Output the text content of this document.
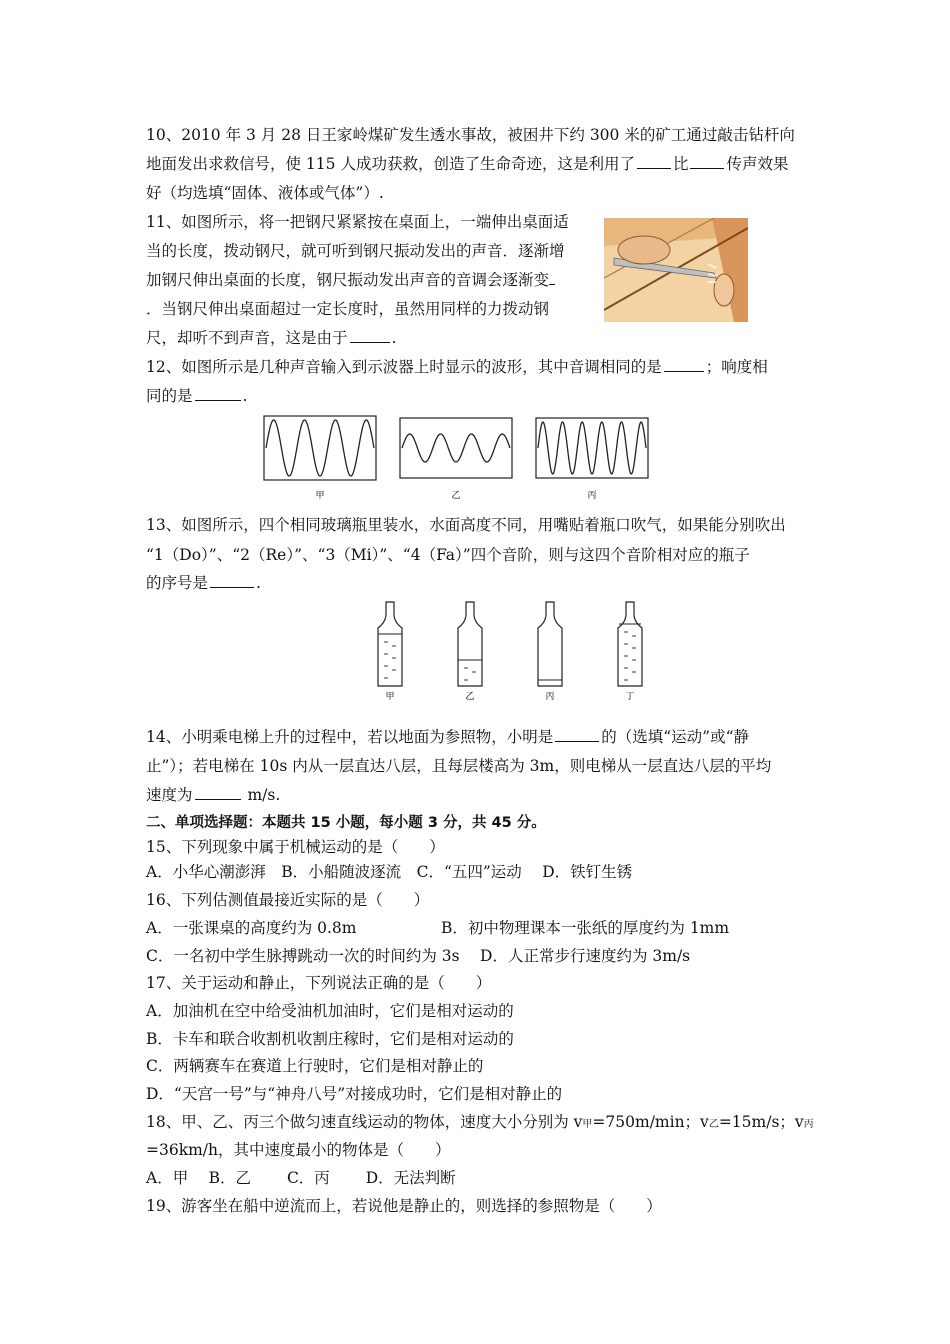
10、2010 年 3 月 28 日王家岭煤矿发生透水事故，被困井下约 300 米的矿工通过敲击钻杆向
地面发出求救信号，使 115 人成功获救，创造了生命奇迹，这是利用了 比 传声效果
好（均选填“固体、液体或气体”）.
11、如图所示，将一把钢尺紧紧按在桌面上，一端伸出桌面适
当的长度，拨动钢尺，就可听到钢尺振动发出的声音．逐渐增
加钢尺伸出桌面的长度，钢尺振动发出声音的音调会逐渐变
．当钢尺伸出桌面超过一定长度时，虽然用同样的力拨动钢
尺，却听不到声音，这是由于	.
12、如图所示是几种声音输入到示波器上时显示的波形，其中音调相同的是	；响度相
同的是	.
13、如图所示，四个相同玻璃瓶里装水，水面高度不同，用嘴贴着瓶口吹气，如果能分别吹出
“1（Do）”、“2（Re）”、“3（Mi）”、“4（Fa）”四个音阶，则与这四个音阶相对应的瓶子
的序号是	.
14、小明乘电梯上升的过程中，若以地面为参照物，小明是	的（选填“运动”或“静
止”）；若电梯在 10s 内从一层直达八层，且每层楼高为 3m，则电梯从一层直达八层的平均
速度为	m/s.
二、单项选择题：本题共 15 小题，每小题 3 分，共 45 分。
15、下列现象中属于机械运动的是（　　）
A．小华心潮澎湃　B．小船随波逐流　C．“五四”运动　 D．铁钉生锈
16、下列估测值最接近实际的是（　　）
A．一张课桌的高度约为 0.8m	B．初中物理课本一张纸的厚度约为 1mm
C．一名初中学生脉搏跳动一次的时间约为 3s　 D．人正常步行速度约为 3m/s
17、关于运动和静止，下列说法正确的是（　　）
A．加油机在空中给受油机加油时，它们是相对运动的
B．卡车和联合收割机收割庄稼时，它们是相对运动的
C．两辆赛车在赛道上行驶时，它们是相对静止的
D．“天宫一号”与“神舟八号”对接成功时，它们是相对静止的
18、甲、乙、丙三个做匀速直线运动的物体，速度大小分别为 v甲=750m/min；v乙=15m/s；v丙
=36km/h，其中速度最小的物体是（　　）
A．甲　 B．乙　　 C．丙　　 D．无法判断
19、游客坐在船中逆流而上，若说他是静止的，则选择的参照物是（　　）
甲	乙	丙
甲	乙	丙	丁
